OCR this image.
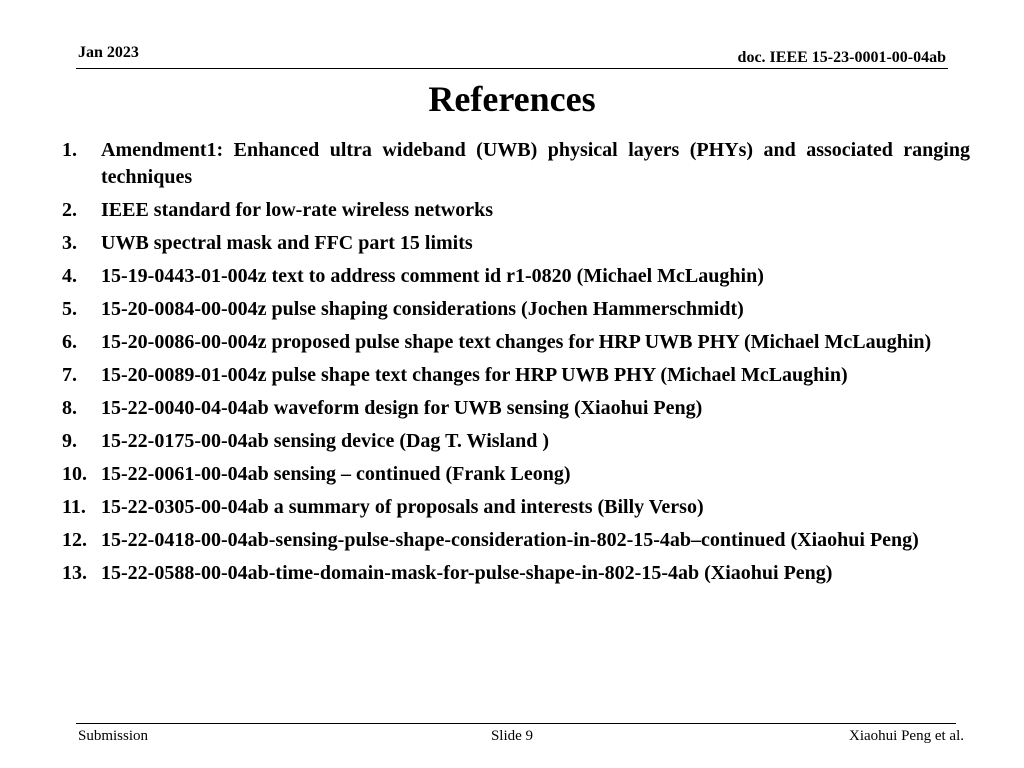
Jan 2023	doc. IEEE 15-23-0001-00-04ab
References
1. Amendment1: Enhanced ultra wideband (UWB) physical layers (PHYs) and associated ranging techniques
2. IEEE standard for low-rate wireless networks
3. UWB spectral mask and FFC part 15 limits
4. 15-19-0443-01-004z text to address comment id r1-0820 (Michael McLaughin)
5. 15-20-0084-00-004z pulse shaping considerations (Jochen Hammerschmidt)
6. 15-20-0086-00-004z proposed pulse shape text changes for HRP UWB PHY (Michael McLaughin)
7. 15-20-0089-01-004z pulse shape text changes for HRP UWB PHY (Michael McLaughin)
8. 15-22-0040-04-04ab waveform design for UWB sensing (Xiaohui Peng)
9. 15-22-0175-00-04ab sensing device (Dag T. Wisland )
10. 15-22-0061-00-04ab sensing – continued (Frank Leong)
11. 15-22-0305-00-04ab a summary of proposals and interests (Billy Verso)
12. 15-22-0418-00-04ab-sensing-pulse-shape-consideration-in-802-15-4ab–continued (Xiaohui Peng)
13. 15-22-0588-00-04ab-time-domain-mask-for-pulse-shape-in-802-15-4ab (Xiaohui Peng)
Submission	Slide 9	Xiaohui Peng et al.
